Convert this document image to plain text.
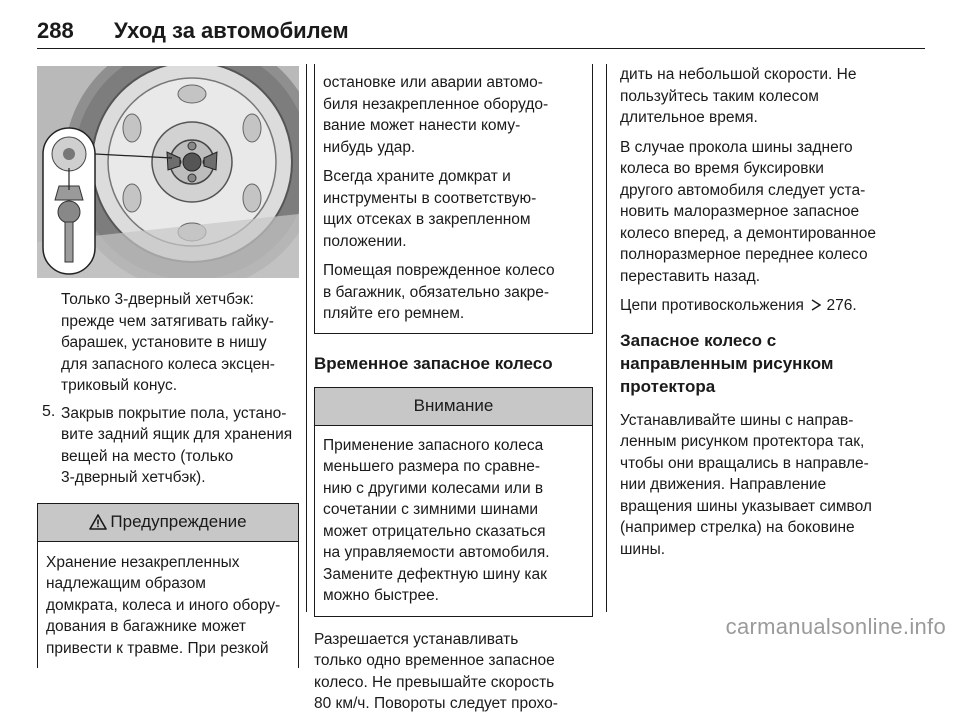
288 Уход за автомобилем

Только 3-дверный хетчбэк:

прежде чем затягивать гайку-

барашек, установите в нишу

для запасного колеса эксцен-

триковый конус.

5. Закрыв покрытие пола, устано-

вите задний ящик для хранения

вещей на место (только

3-дверный хетчбэк).

Предупреждение

Хранение незакрепленных

надлежащим образом

домкрата, колеса и иного обору-

дования в багажнике может

привести к травме. При резкой

остановке или аварии автомо-

биля незакрепленное оборудо-

вание может нанести кому-

нибудь удар.

Всегда храните домкрат и

инструменты в соответствую-

щих отсеках в закрепленном

положении.

Помещая поврежденное колесо

в багажник, обязательно закре-

пляйте его ремнем.

Временное запасное колесо
Внимание

Применение запасного колеса

меньшего размера по сравне-

нию с другими колесами или в

сочетании с зимними шинами

может отрицательно сказаться

на управляемости автомобиля.

Замените дефектную шину как

можно быстрее.

Разрешается устанавливать

только одно временное запасное

колесо. Не превышайте скорость

80 км/ч. Повороты следует прохо-

дить на небольшой скорости. Не

пользуйтесь таким колесом

длительное время.

В случае прокола шины заднего

колеса во время буксировки

другого автомобиля следует уста-

новить малоразмерное запасное

колесо вперед, а демонтированное

полноразмерное переднее колесо

переставить назад.

Цепи противоскольжения 276.

Запасное колесо с
направленным рисунком
протектора

Устанавливайте шины с направ-

ленным рисунком протектора так,

чтобы они вращались в направле-

нии движения. Направление

вращения шины указывает символ

(например стрелка) на боковине

шины.

carmanualsonline.info
